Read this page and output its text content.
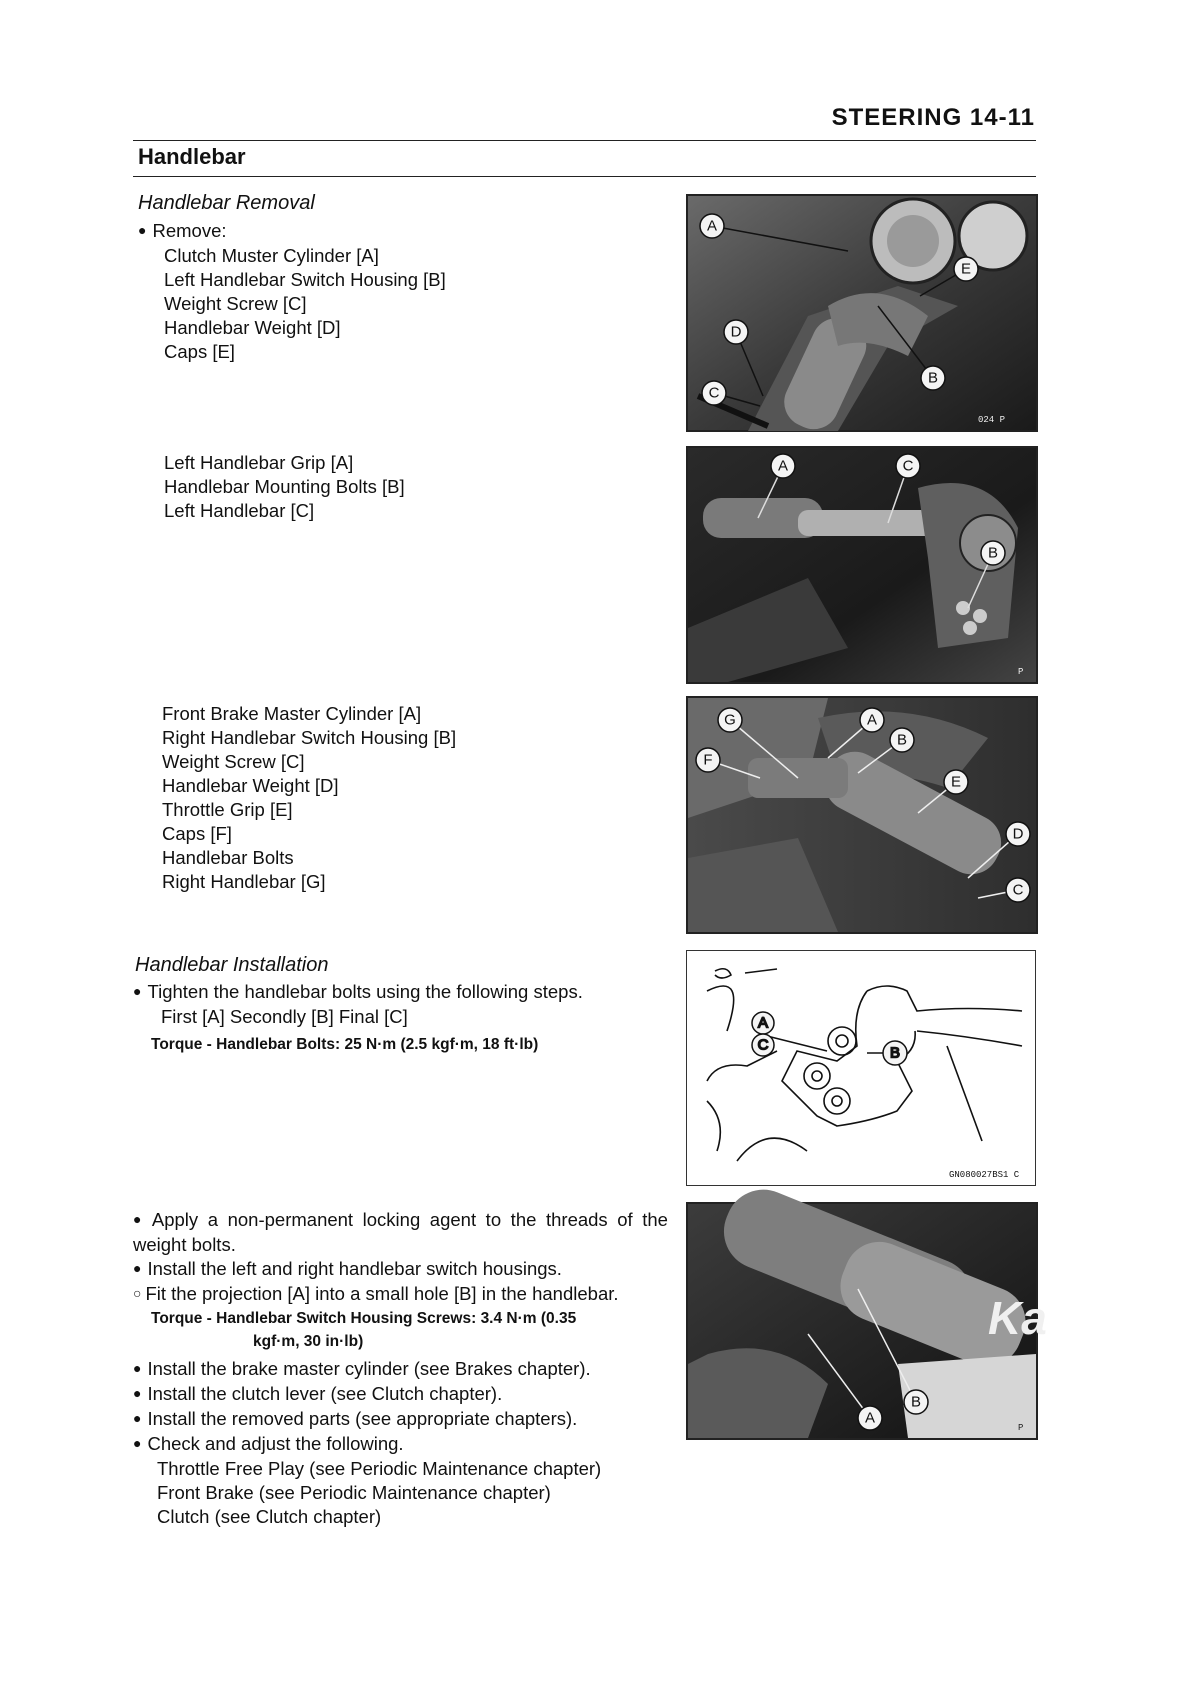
STEERING 14-11
Handlebar
Handlebar Removal
● Remove:
Clutch Muster Cylinder [A]
Left Handlebar Switch Housing [B]
Weight Screw [C]
Handlebar Weight [D]
Caps [E]
Left Handlebar Grip [A]
Handlebar Mounting Bolts [B]
Left Handlebar [C]
Front Brake Master Cylinder [A]
Right Handlebar Switch Housing [B]
Weight Screw [C]
Handlebar Weight [D]
Throttle Grip [E]
Caps [F]
Handlebar Bolts
Right Handlebar [G]
Handlebar Installation
● Tighten the handlebar bolts using the following steps.
First [A] Secondly [B] Final [C]
Torque - Handlebar Bolts: 25 N·m (2.5 kgf·m, 18 ft·lb)
● Apply a non-permanent locking agent to the threads of the weight bolts.
● Install the left and right handlebar switch housings.
○ Fit the projection [A] into a small hole [B] in the handlebar.
Torque - Handlebar Switch Housing Screws: 3.4 N·m (0.35
kgf·m, 30 in·lb)
● Install the brake master cylinder (see Brakes chapter).
● Install the clutch lever (see Clutch chapter).
● Install the removed parts (see appropriate chapters).
● Check and adjust the following.
Throttle Free Play (see Periodic Maintenance chapter)
Front Brake (see Periodic Maintenance chapter)
Clutch (see Clutch chapter)
A
E
D
B
C
024 P
A	C
B
P
G	A
B
F
E
D
C
A
C	B
GN080027BS1 C
Ka
A
B
P
